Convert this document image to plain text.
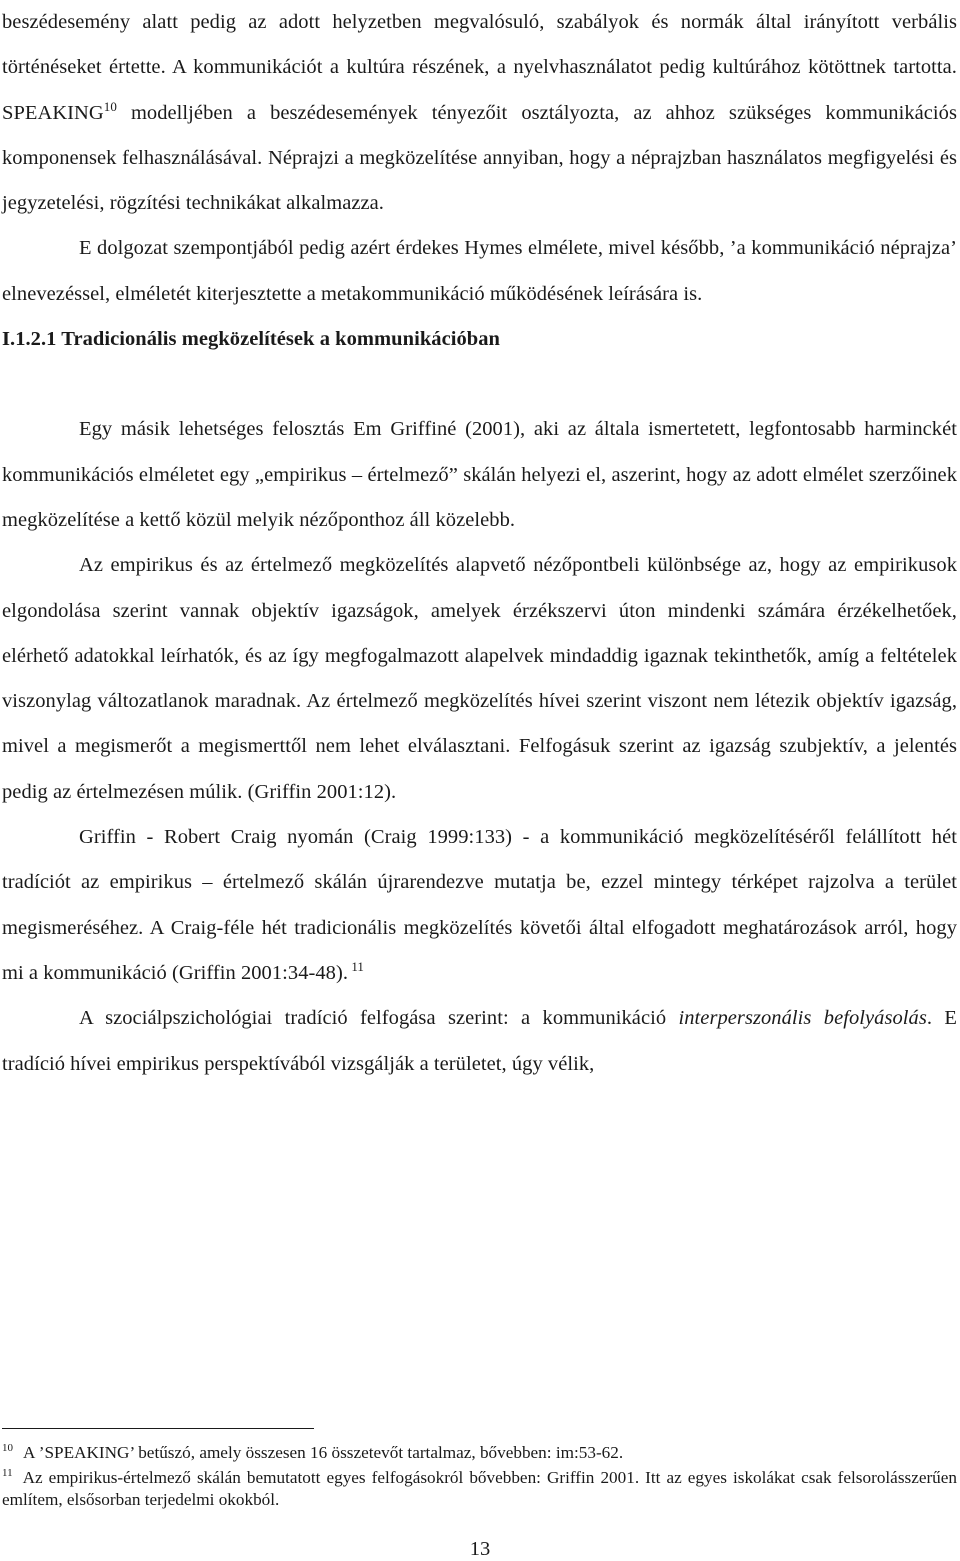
beszédesemény alatt pedig az adott helyzetben megvalósuló, szabályok és normák által irányított verbális történéseket értette. A kommunikációt a kultúra részének, a nyelvhasználatot pedig kultúrához kötöttnek tartotta. SPEAKING$^{10}$ modelljében a beszédesemények tényezőit osztályozta, az ahhoz szükséges kommunikációs komponensek felhasználásával. Néprajzi a megközelítése annyiban, hogy a néprajzban használatos megfigyelési és jegyzetelési, rögzítési technikákat alkalmazza.

E dolgozat szempontjából pedig azért érdekes Hymes elmélete, mivel később, ’a kommunikáció néprajza’ elnevezéssel, elméletét kiterjesztette a metakommunikáció működésének leírására is.

I.1.2.1 Tradicionális megközelítések a kommunikációban

Egy másik lehetséges felosztás Em Griffiné (2001), aki az általa ismertetett, legfontosabb harminckét kommunikációs elméletet egy „empirikus – értelmező” skálán helyezi el, aszerint, hogy az adott elmélet szerzőinek megközelítése a kettő közül melyik nézőponthoz áll közelebb.

Az empirikus és az értelmező megközelítés alapvető nézőpontbeli különbsége az, hogy az empirikusok elgondolása szerint vannak objektív igazságok, amelyek érzékszervi úton mindenki számára érzékelhetőek, elérhető adatokkal leírhatók, és az így megfogalmazott alapelvek mindaddig igaznak tekinthetők, amíg a feltételek viszonylag változatlanok maradnak. Az értelmező megközelítés hívei szerint viszont nem létezik objektív igazság, mivel a megismerőt a megismerttől nem lehet elválasztani. Felfogásuk szerint az igazság szubjektív, a jelentés pedig az értelmezésen múlik. (Griffin 2001:12).

Griffin - Robert Craig nyomán (Craig 1999:133) - a kommunikáció megközelítéséről felállított hét tradíciót az empirikus – értelmező skálán újrarendezve mutatja be, ezzel mintegy térképet rajzolva a terület megismeréséhez. A Craig-féle hét tradicionális megközelítés követői által elfogadott meghatározások arról, hogy mi a kommunikáció (Griffin 2001:34-48). $^{11}$

A szociálpszichológiai tradíció felfogása szerint: a kommunikáció interperszonális befolyásolás. E tradíció hívei empirikus perspektívából vizsgálják a területet, úgy vélik,

$^{10}$ A ’SPEAKING’ betűszó, amely összesen 16 összetevőt tartalmaz, bővebben: im:53-62.

$^{11}$ Az empirikus-értelmező skálán bemutatott egyes felfogásokról bővebben: Griffin 2001. Itt az egyes iskolákat csak felsorolásszerűen említem, elsősorban terjedelmi okokból.

13
